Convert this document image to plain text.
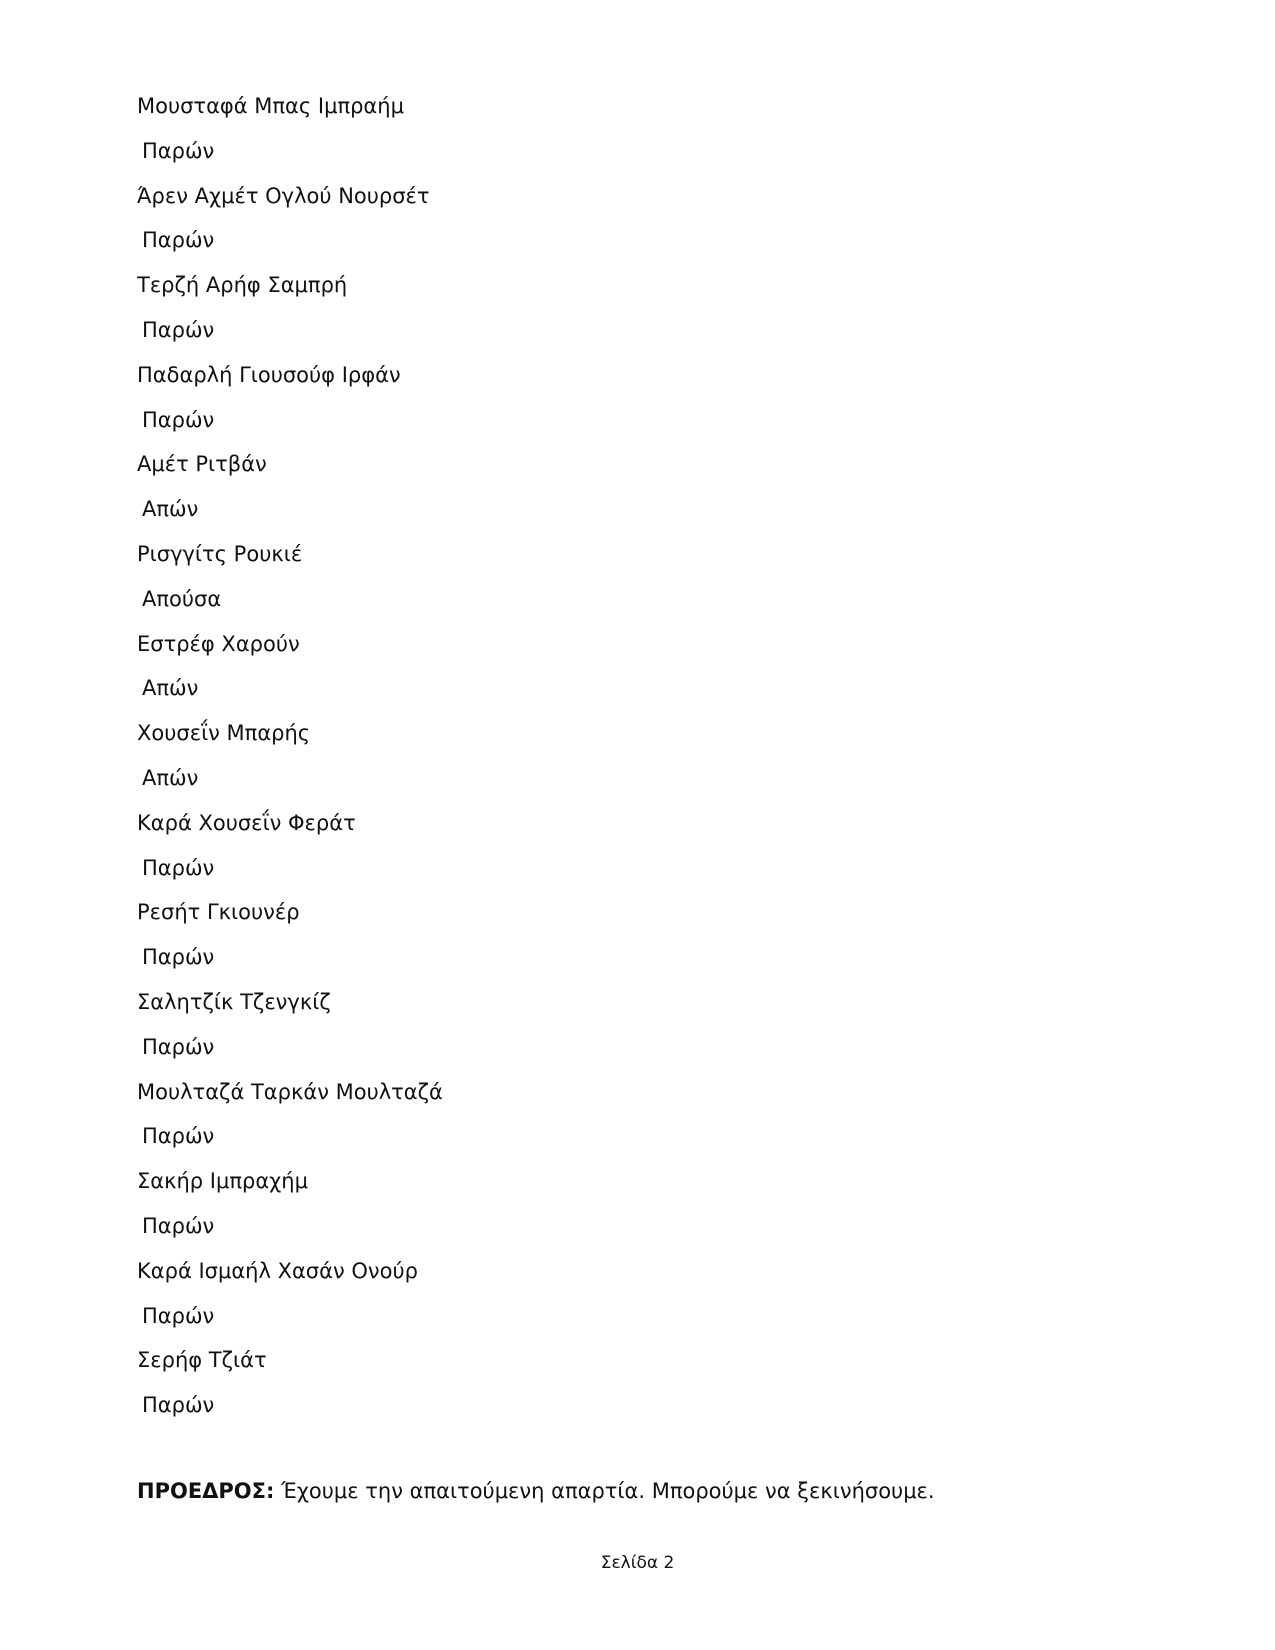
Μουσταφά Μπας Ιμπραήμ
Παρών
Άρεν Αχμέτ Ογλού Νουρσέτ
Παρών
Τερζή Αρήφ Σαμπρή
Παρών
Παδαρλή Γιουσούφ Ιρφάν
Παρών
Αμέτ Ριτβάν
Απών
Ρισγγίτς Ρουκιέ
Απούσα
Εστρέφ Χαρούν
Απών
Χουσεΐν Μπαρής
Απών
Καρά Χουσεΐν Φεράτ
Παρών
Ρεσήτ Γκιουνέρ
Παρών
Σαλητζίκ Τζενγκίζ
Παρών
Μουλταζά Ταρκάν Μουλταζά
Παρών
Σακήρ Ιμπραχήμ
Παρών
Καρά Ισμαήλ Χασάν Ονούρ
Παρών
Σερήφ Τζιάτ
Παρών
ΠΡΟΕΔΡΟΣ: Έχουμε την απαιτούμενη απαρτία. Μπορούμε να ξεκινήσουμε.
Σελίδα 2
